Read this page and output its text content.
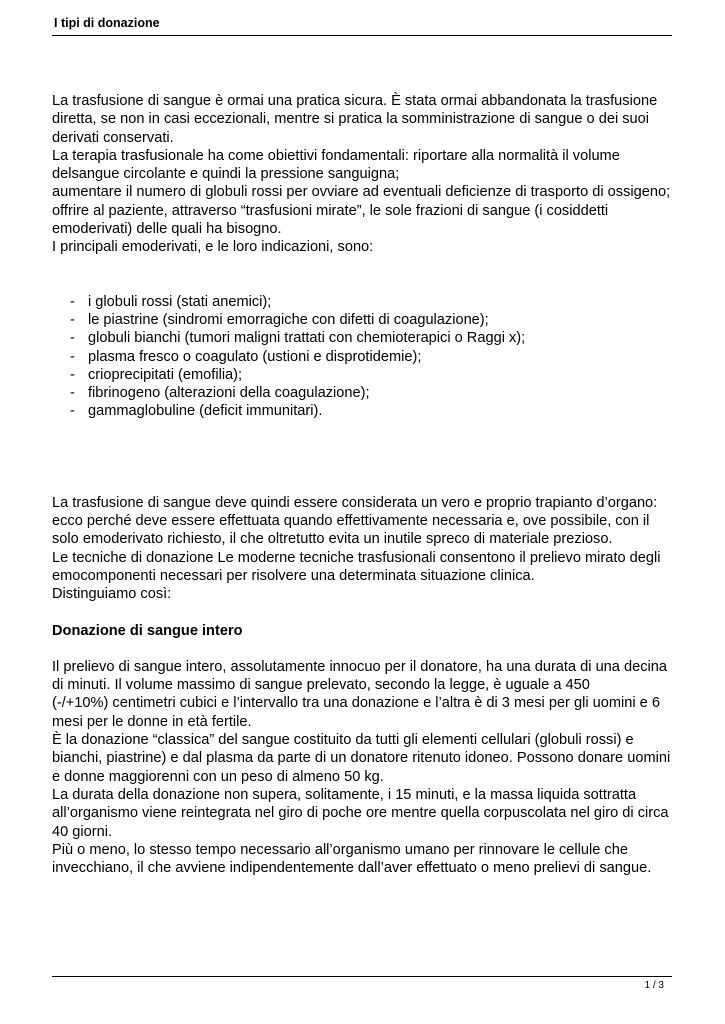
I tipi di donazione
La trasfusione di sangue è ormai una pratica sicura. È stata ormai abbandonata la trasfusione
diretta, se non in casi eccezionali, mentre si pratica la somministrazione di sangue o dei suoi
derivati conservati.
La terapia trasfusionale ha come obiettivi fondamentali: riportare alla normalità il volume
delsangue circolante e quindi la pressione sanguigna;
aumentare il numero di globuli rossi per ovviare ad eventuali deficienze di trasporto di ossigeno;
offrire al paziente, attraverso “trasfusioni mirate”, le sole frazioni di sangue (i cosiddetti
emoderivati) delle quali ha bisogno.
I principali emoderivati, e le loro indicazioni, sono:
- i globuli rossi (stati anemici);
- le piastrine (sindromi emorragiche con difetti di coagulazione);
- globuli bianchi (tumori maligni trattati con chemioterapici o Raggi x);
- plasma fresco o coagulato (ustioni e disprotidemie);
- crioprecipitati (emofilia);
- fibrinogeno (alterazioni della coagulazione);
- gammaglobuline (deficit immunitari).
La trasfusione di sangue deve quindi essere considerata un vero e proprio trapianto d’organo:
ecco perché deve essere effettuata quando effettivamente necessaria e, ove possibile, con il
solo emoderivato richiesto, il che oltretutto evita un inutile spreco di materiale prezioso.
Le tecniche di donazione Le moderne tecniche trasfusionali consentono il prelievo mirato degli
emocomponenti necessari per risolvere una determinata situazione clinica.
Distinguiamo così:
Donazione di sangue intero
Il prelievo di sangue intero, assolutamente innocuo per il donatore, ha una durata di una decina
di minuti. Il volume massimo di sangue prelevato, secondo la legge, è uguale a 450
(-/+10%) centimetri cubici e l’intervallo tra una donazione e l’altra è di 3 mesi per gli uomini e 6
mesi per le donne in età fertile.
È la donazione “classica” del sangue costituito da tutti gli elementi cellulari (globuli rossi) e
bianchi, piastrine) e dal plasma da parte di un donatore ritenuto idoneo. Possono donare uomini
e donne maggiorenni con un peso di almeno 50 kg.
La durata della donazione non supera, solitamente, i 15 minuti, e la massa liquida sottratta
all’organismo viene reintegrata nel giro di poche ore mentre quella corpuscolata nel giro di circa
40 giorni.
Più o meno, lo stesso tempo necessario all’organismo umano per rinnovare le cellule che
invecchiano, il che avviene indipendentemente dall’aver effettuato o meno prelievi di sangue.
1 / 3
